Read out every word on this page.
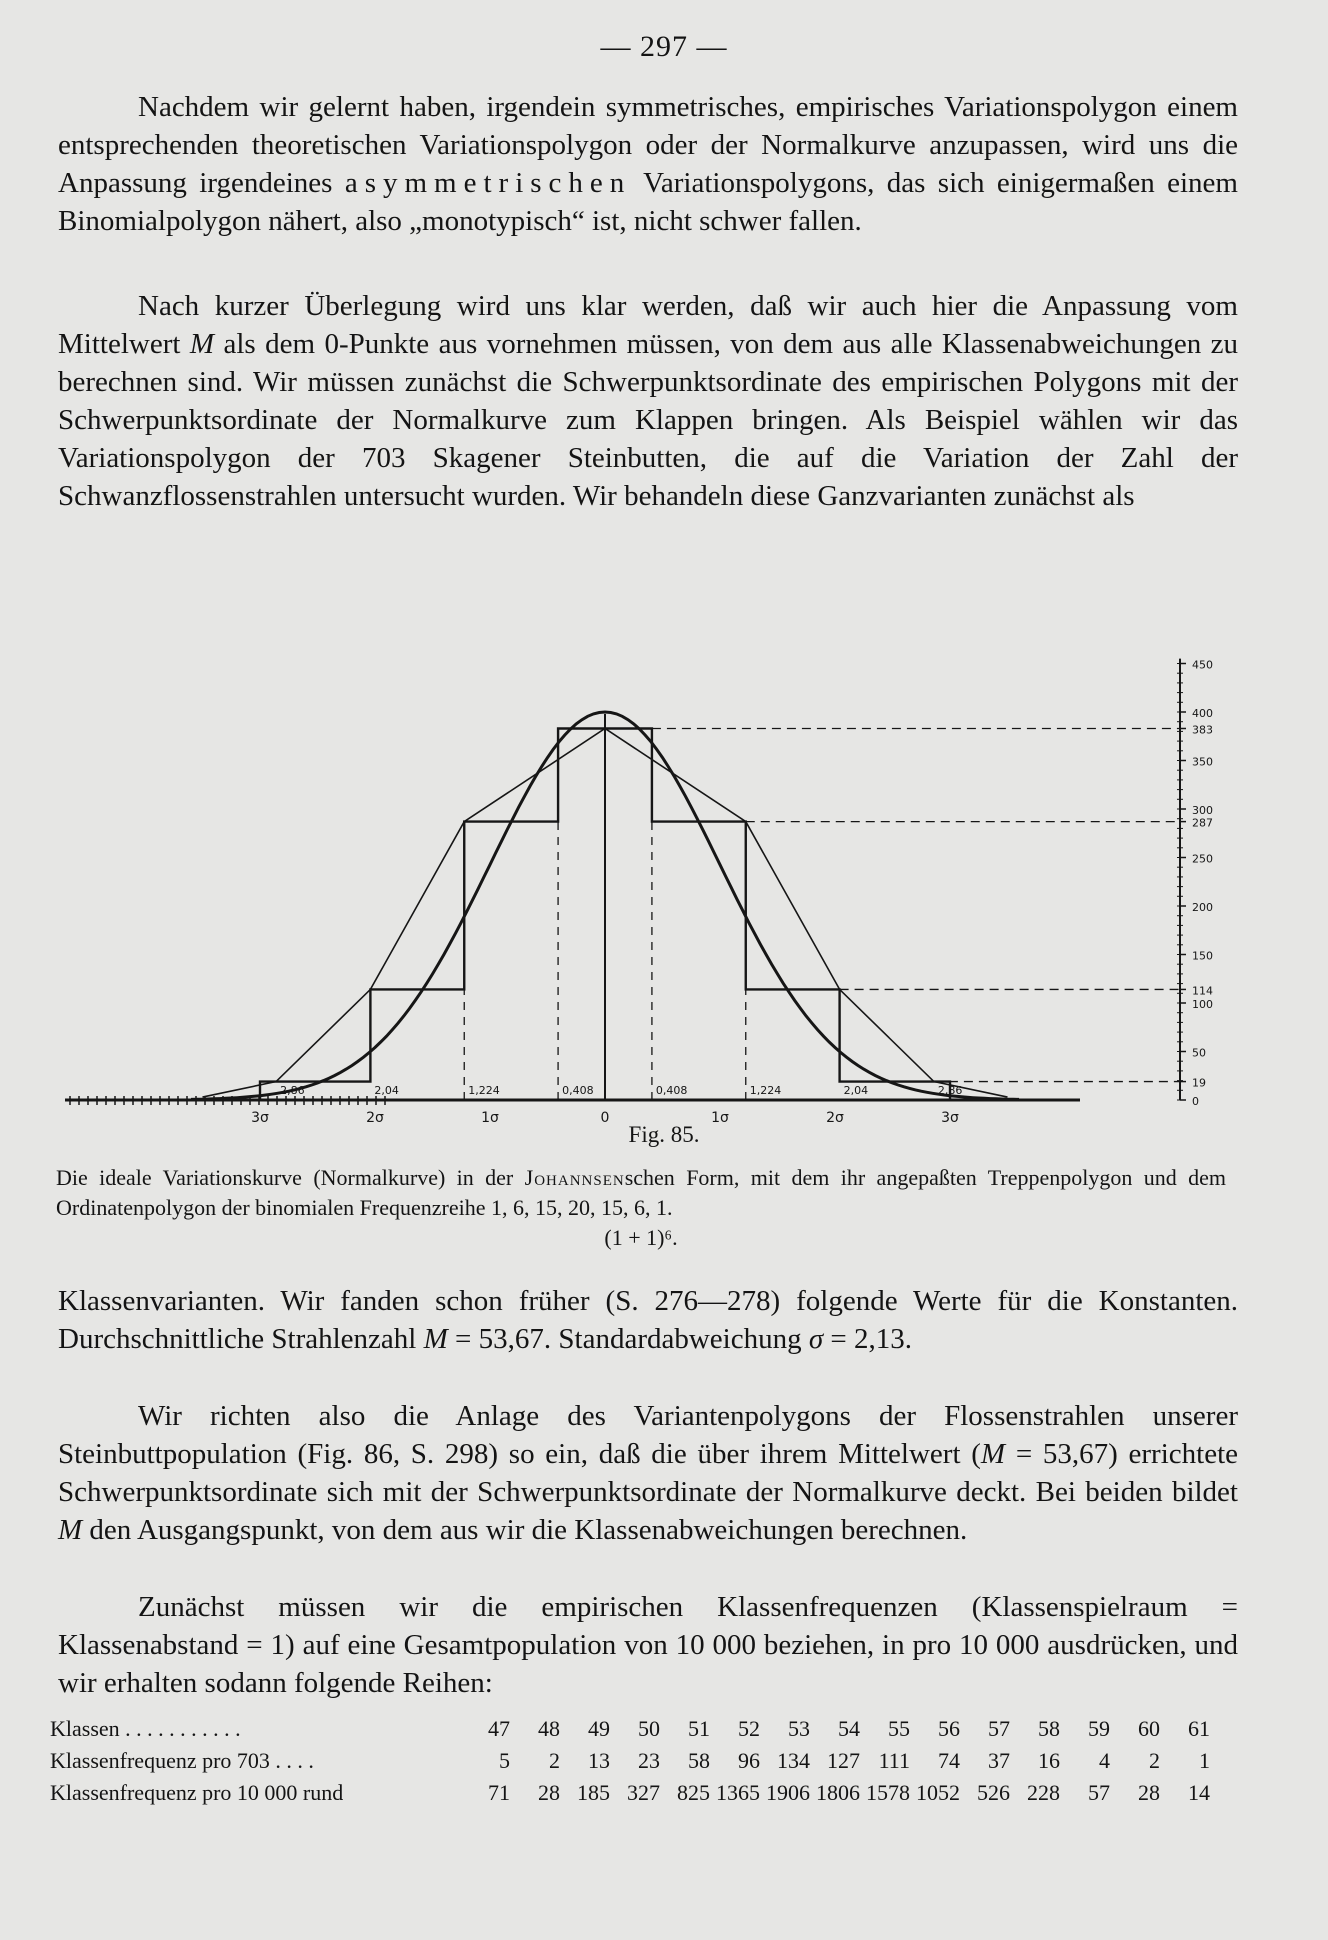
— 297 —

Nachdem wir gelernt haben, irgendein symmetrisches, empirisches Variationspolygon einem entsprechenden theoretischen Variationspolygon oder der Normalkurve anzupassen, wird uns die Anpassung irgendeines asymmetrischen Variationspolygons, das sich einigermaßen einem Binomialpolygon nähert, also „monotypisch“ ist, nicht schwer fallen.

Nach kurzer Überlegung wird uns klar werden, daß wir auch hier die Anpassung vom Mittelwert M als dem 0-Punkte aus vornehmen müssen, von dem aus alle Klassenabweichungen zu berechnen sind. Wir müssen zunächst die Schwerpunktsordinate des empirischen Polygons mit der Schwerpunktsordinate der Normalkurve zum Klappen bringen. Als Beispiel wählen wir das Variationspolygon der 703 Skagener Steinbutten, die auf die Variation der Zahl der Schwanzflossenstrahlen untersucht wurden. Wir behandeln diese Ganzvarianten zunächst als

450
400
383
350
300
287
250
200
150
114
100
50
19
0
3σ	2σ	1σ	0	1σ	2σ	3σ
2,86	2,04	1,224	0,408	0,408	1,224	2,04	2,86
Fig. 85.
Die ideale Variationskurve (Normalkurve) in der Johannsenschen Form, mit dem ihr angepaßten Treppenpolygon und dem Ordinatenpolygon der binomialen Frequenzreihe 1, 6, 15, 20, 15, 6, 1.
(1 + 1)⁶.

Klassenvarianten. Wir fanden schon früher (S. 276—278) folgende Werte für die Konstanten. Durchschnittliche Strahlenzahl M = 53,67. Standardabweichung σ = 2,13.

Wir richten also die Anlage des Variantenpolygons der Flossenstrahlen unserer Steinbuttpopulation (Fig. 86, S. 298) so ein, daß die über ihrem Mittelwert (M = 53,67) errichtete Schwerpunktsordinate sich mit der Schwerpunktsordinate der Normalkurve deckt. Bei beiden bildet M den Ausgangspunkt, von dem aus wir die Klassenabweichungen berechnen.

Zunächst müssen wir die empirischen Klassenfrequenzen (Klassenspielraum = Klassenabstand = 1) auf eine Gesamtpopulation von 10 000 beziehen, in pro 10 000 ausdrücken, und wir erhalten sodann folgende Reihen:

Klassen . . . . . . . . . . .	47	48	49	50	51	52	53	54	55	56	57	58	59	60	61
Klassenfrequenz pro 703 . . . .	5	2	13	23	58	96	134	127	111	74	37	16	4	2	1
Klassenfrequenz pro 10 000 rund	71	28	185	327	825	1365	1906	1806	1578	1052	526	228	57	28	14
